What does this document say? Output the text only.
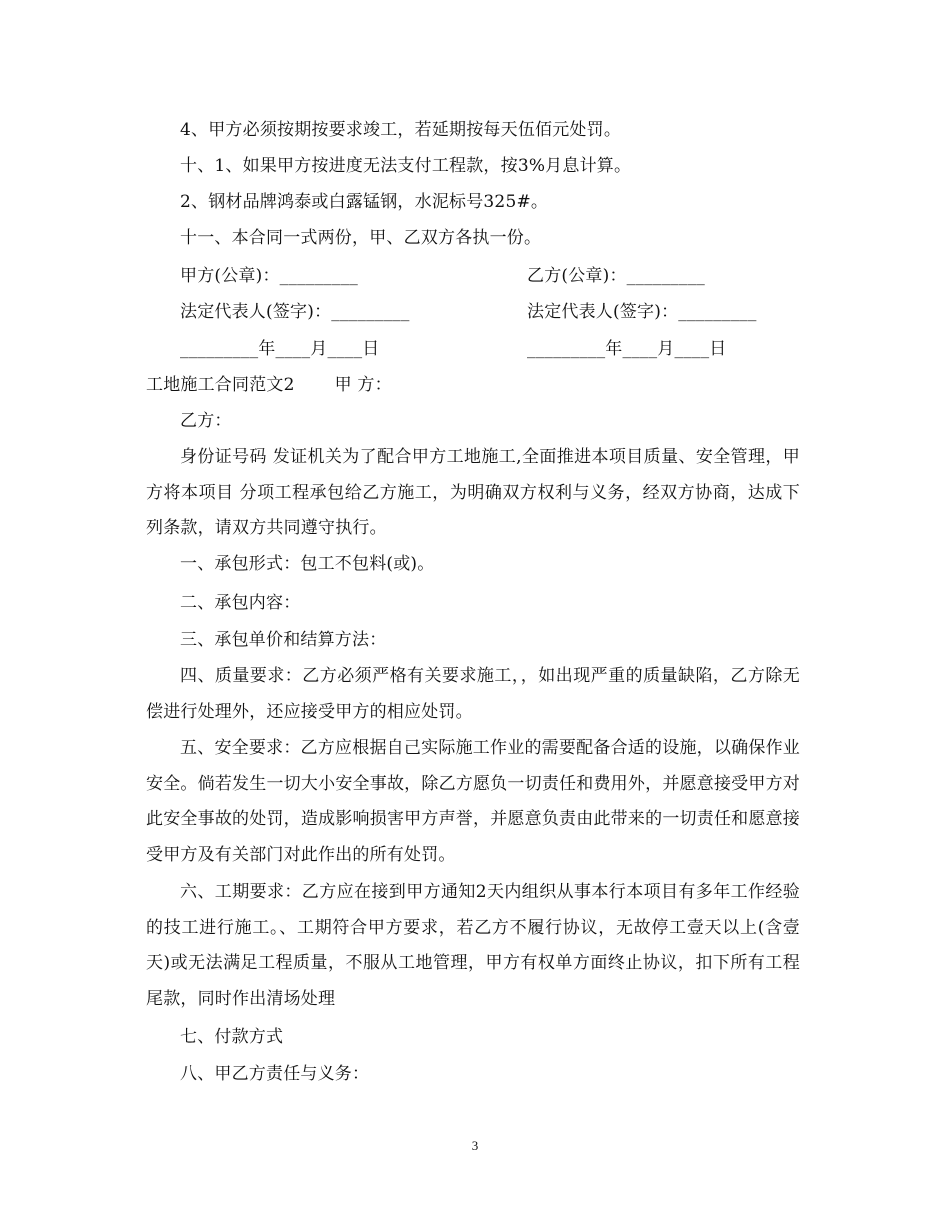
4、甲方必须按期按要求竣工，若延期按每天伍佰元处罚。
十、1、如果甲方按进度无法支付工程款，按3%月息计算。
2、钢材品牌鸿泰或白露锰钢，水泥标号325#。
十一、本合同一式两份，甲、乙双方各执一份。
甲方(公章)：_________	乙方(公章)：_________
法定代表人(签字)：_________	法定代表人(签字)：_________
_________年____月____日	_________年____月____日
工地施工合同范文2 甲 方：
乙方：
身份证号码 发证机关为了配合甲方工地施工,全面推进本项目质量、安全管理，甲方将本项目 分项工程承包给乙方施工，为明确双方权利与义务，经双方协商，达成下列条款，请双方共同遵守执行。
一、承包形式：包工不包料(或)。
二、承包内容：
三、承包单价和结算方法：
四、质量要求：乙方必须严格有关要求施工，，如出现严重的质量缺陷，乙方除无偿进行处理外，还应接受甲方的相应处罚。
五、安全要求：乙方应根据自己实际施工作业的需要配备合适的设施，以确保作业安全。倘若发生一切大小安全事故，除乙方愿负一切责任和费用外，并愿意接受甲方对此安全事故的处罚，造成影响损害甲方声誉，并愿意负责由此带来的一切责任和愿意接受甲方及有关部门对此作出的所有处罚。
六、工期要求：乙方应在接到甲方通知2天内组织从事本行本项目有多年工作经验的技工进行施工。、工期符合甲方要求，若乙方不履行协议，无故停工壹天以上(含壹天)或无法满足工程质量，不服从工地管理，甲方有权单方面终止协议，扣下所有工程尾款，同时作出清场处理
七、付款方式
八、甲乙方责任与义务：
3
